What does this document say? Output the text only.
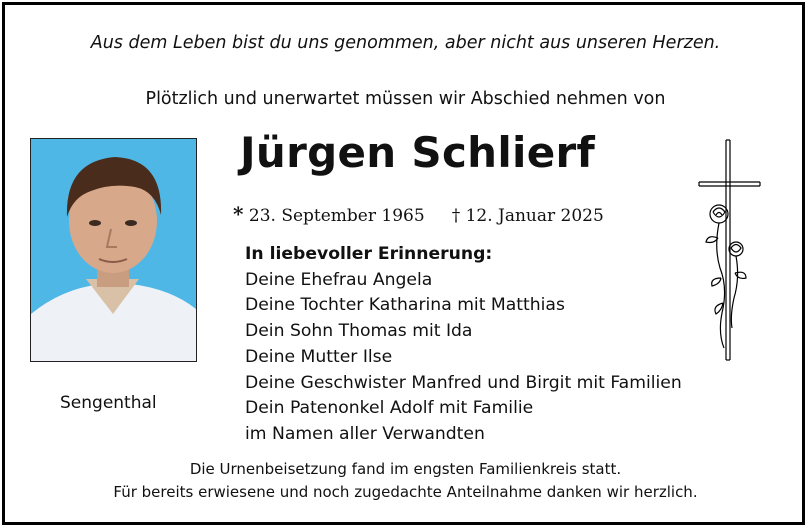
Aus dem Leben bist du uns genommen, aber nicht aus unseren Herzen.
Plötzlich und unerwartet müssen wir Abschied nehmen von
Jürgen Schlierf
* 23. September 1965 † 12. Januar 2025
In liebevoller Erinnerung:
Deine Ehefrau Angela
Deine Tochter Katharina mit Matthias
Dein Sohn Thomas mit Ida
Deine Mutter Ilse
Deine Geschwister Manfred und Birgit mit Familien
Dein Patenonkel Adolf mit Familie
im Namen aller Verwandten
Sengenthal
Die Urnenbeisetzung fand im engsten Familienkreis statt.
Für bereits erwiesene und noch zugedachte Anteilnahme danken wir herzlich.
